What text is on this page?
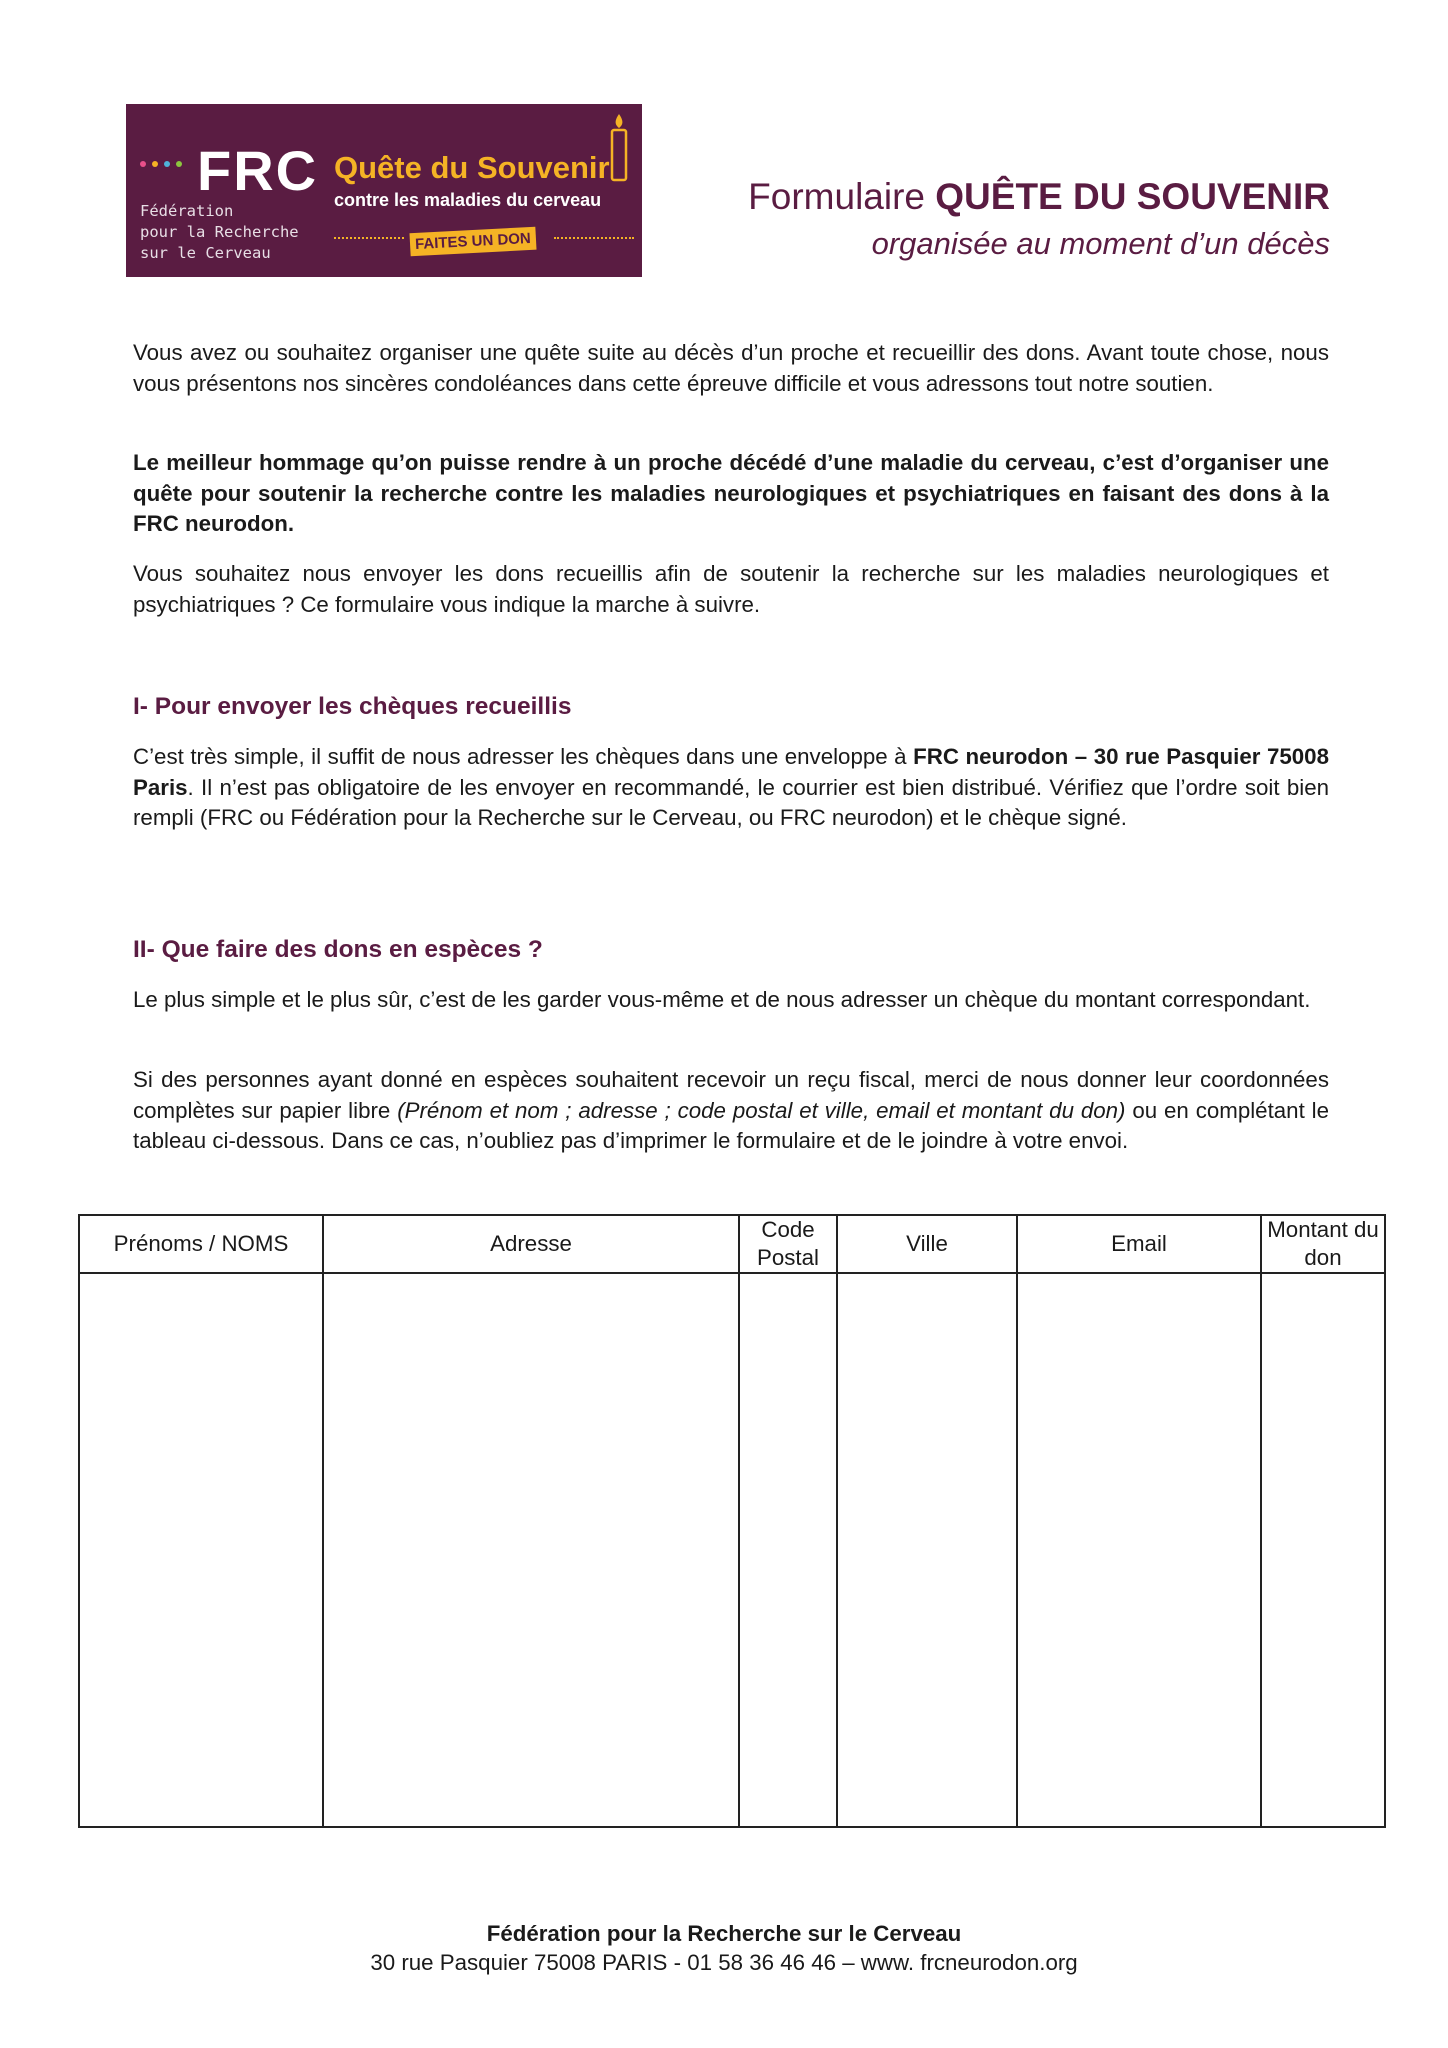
FRC
Fédération
pour la Recherche
sur le Cerveau
Quête du Souvenir
contre les maladies du cerveau
FAITES UN DON
Formulaire QUÊTE DU SOUVENIR
organisée au moment d’un décès

Vous avez ou souhaitez organiser une quête suite au décès d’un proche et recueillir des dons. Avant toute chose, nous vous présentons nos sincères condoléances dans cette épreuve difficile et vous adressons tout notre soutien.

Le meilleur hommage qu’on puisse rendre à un proche décédé d’une maladie du cerveau, c’est d’organiser une quête pour soutenir la recherche contre les maladies neurologiques et psychiatriques en faisant des dons à la FRC neurodon.

Vous souhaitez nous envoyer les dons recueillis afin de soutenir la recherche sur les maladies neurologiques et psychiatriques ? Ce formulaire vous indique la marche à suivre.

I- Pour envoyer les chèques recueillis

C’est très simple, il suffit de nous adresser les chèques dans une enveloppe à FRC neurodon – 30 rue Pasquier 75008 Paris. Il n’est pas obligatoire de les envoyer en recommandé, le courrier est bien distribué. Vérifiez que l’ordre soit bien rempli (FRC ou Fédération pour la Recherche sur le Cerveau, ou FRC neurodon) et le chèque signé.

II- Que faire des dons en espèces ?

Le plus simple et le plus sûr, c’est de les garder vous-même et de nous adresser un chèque du montant correspondant.

Si des personnes ayant donné en espèces souhaitent recevoir un reçu fiscal, merci de nous donner leur coordonnées complètes sur papier libre (Prénom et nom ; adresse ; code postal et ville, email et montant du don) ou en complétant le tableau ci-dessous. Dans ce cas, n’oubliez pas d’imprimer le formulaire et de le joindre à votre envoi.

Prénoms / NOMS	Adresse	Code Postal	Ville	Email	Montant du don

Fédération pour la Recherche sur le Cerveau
30 rue Pasquier 75008 PARIS - 01 58 36 46 46 – www. frcneurodon.org
